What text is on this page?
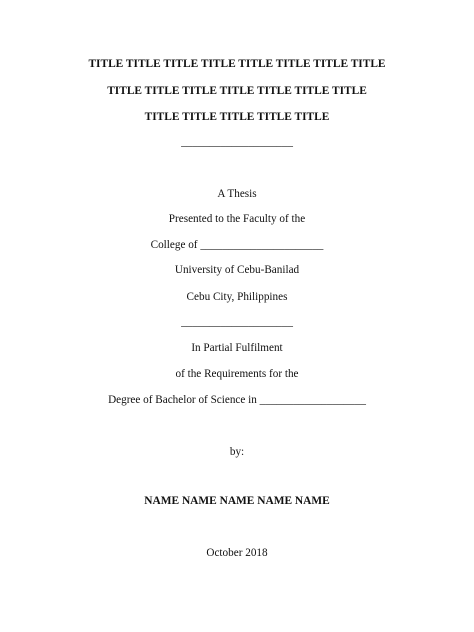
TITLE TITLE TITLE TITLE TITLE TITLE TITLE TITLE
TITLE TITLE TITLE TITLE TITLE TITLE TITLE
TITLE TITLE TITLE TITLE TITLE
____________________
A Thesis
Presented to the Faculty of the
College of ______________________
University of Cebu-Banilad
Cebu City, Philippines
____________________
In Partial Fulfilment
of the Requirements for the
Degree of Bachelor of Science in ___________________
by:
NAME NAME NAME NAME NAME
October 2018
